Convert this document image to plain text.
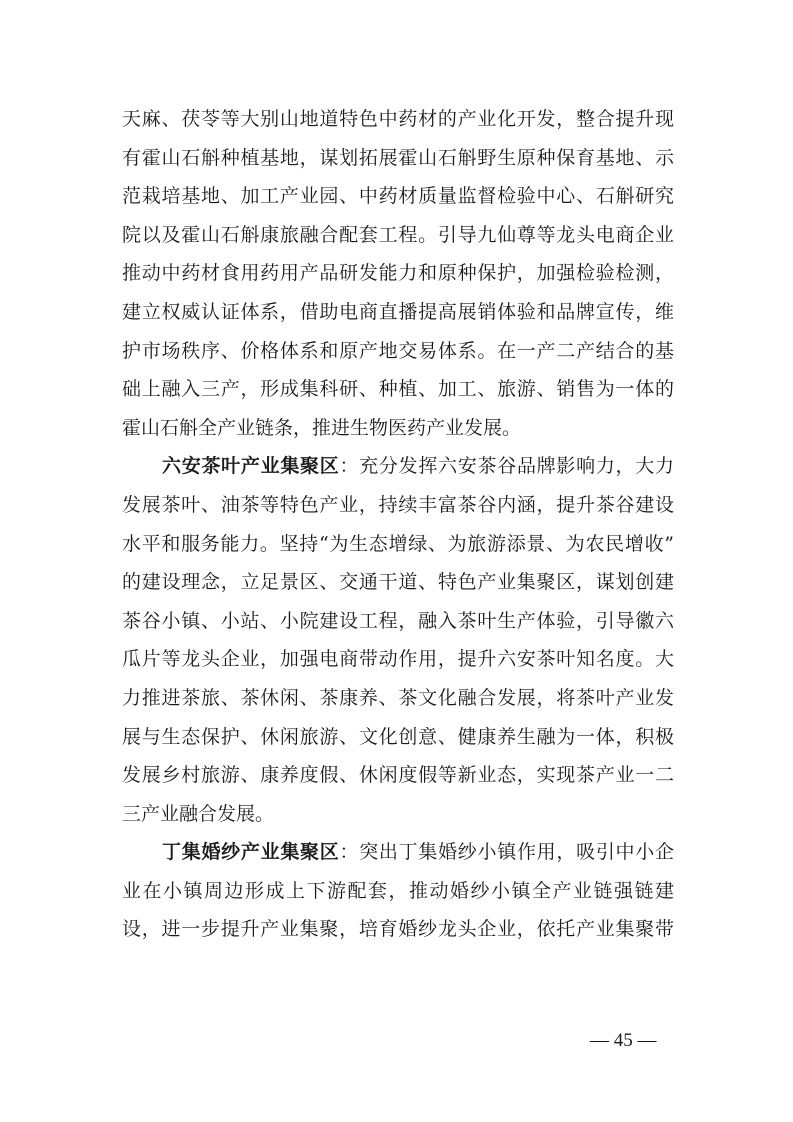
天麻、茯苓等大别山地道特色中药材的产业化开发，整合提升现
有霍山石斛种植基地，谋划拓展霍山石斛野生原种保育基地、示
范栽培基地、加工产业园、中药材质量监督检验中心、石斛研究
院以及霍山石斛康旅融合配套工程。引导九仙尊等龙头电商企业
推动中药材食用药用产品研发能力和原种保护，加强检验检测，
建立权威认证体系，借助电商直播提高展销体验和品牌宣传，维
护市场秩序、价格体系和原产地交易体系。在一产二产结合的基
础上融入三产，形成集科研、种植、加工、旅游、销售为一体的
霍山石斛全产业链条，推进生物医药产业发展。
六安茶叶产业集聚区：充分发挥六安茶谷品牌影响力，大力
发展茶叶、油茶等特色产业，持续丰富茶谷内涵，提升茶谷建设
水平和服务能力。坚持“为生态增绿、为旅游添景、为农民增收”
的建设理念，立足景区、交通干道、特色产业集聚区，谋划创建
茶谷小镇、小站、小院建设工程，融入茶叶生产体验，引导徽六
瓜片等龙头企业，加强电商带动作用，提升六安茶叶知名度。大
力推进茶旅、茶休闲、茶康养、茶文化融合发展，将茶叶产业发
展与生态保护、休闲旅游、文化创意、健康养生融为一体，积极
发展乡村旅游、康养度假、休闲度假等新业态，实现茶产业一二
三产业融合发展。
丁集婚纱产业集聚区：突出丁集婚纱小镇作用，吸引中小企
业在小镇周边形成上下游配套，推动婚纱小镇全产业链强链建
设，进一步提升产业集聚，培育婚纱龙头企业，依托产业集聚带
— 45 —
